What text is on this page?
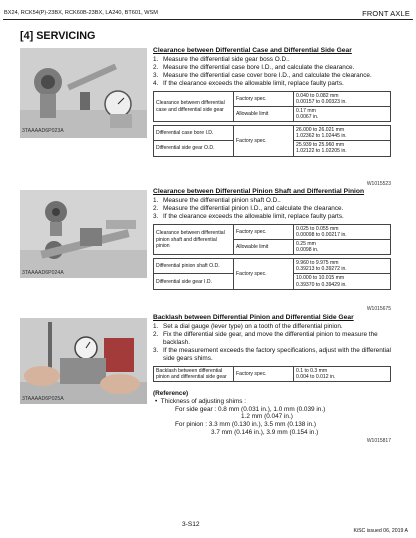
BX24, RCK54(P)-23BX, RCK60B-23BX, LA240, BT601, WSM	FRONT AXLE
[4] SERVICING
3TAAAAD6P023A
Clearance between Differential Case and Differential Side Gear
1. Measure the differential side gear boss O.D..
2. Measure the differential case bore I.D., and calculate the clearance.
3. Measure the differential case cover bore I.D., and calculate the clearance.
4. If the clearance exceeds the allowable limit, replace faulty parts.
Clearance between differential case and differential side gear	Factory spec.	0.040 to 0.082 mm
0.00157 to 0.00323 in.
	Allowable limit	0.17 mm
0.0067 in.
Differential case bore I.D.	Factory spec.	26.000 to 26.021 mm
1.02362 to 1.02445 in.
Differential side gear O.D.		25.939 to 25.960 mm
1.02122 to 1.02205 in.
W1015523
3TAAAAD6P024A
Clearance between Differential Pinion Shaft and Differential Pinion
1. Measure the differential pinion shaft O.D..
2. Measure the differential pinion I.D., and calculate the clearance.
3. If the clearance exceeds the allowable limit, replace faulty parts.
Clearance between differential pinion shaft and differential pinion	Factory spec.	0.025 to 0.055 mm
0.00098 to 0.00217 in.
	Allowable limit	0.25 mm
0.0098 in.
Differential pinion shaft O.D.	Factory spec.	9.960 to 9.975 mm
0.39213 to 0.39272 in.
Differential side gear I.D.		10.000 to 10.015 mm
0.39370 to 0.39429 in.
W1015675
3TAAAAD6P025A
Backlash between Differential Pinion and Differential Side Gear
1. Set a dial gauge (lever type) on a tooth of the differential pinion.
2. Fix the differential side gear, and move the differential pinion to measure the backlash.
3. If the measurement exceeds the factory specifications, adjust with the differential side gears shims.
Backlash between differential pinion and differential side gear	Factory spec.	0.1 to 0.3 mm
0.004 to 0.012 in.
(Reference)
•  Thickness of adjusting shims :
For side gear : 0.8 mm (0.031 in.), 1.0 mm (0.039 in.)
1.2 mm (0.047 in.)
For pinion : 3.3 mm (0.130 in.), 3.5 mm (0.138 in.)
3.7 mm (0.146 in.), 3.9 mm (0.154 in.)
W1015817
3-S12
KiSC issued 06, 2019 A
